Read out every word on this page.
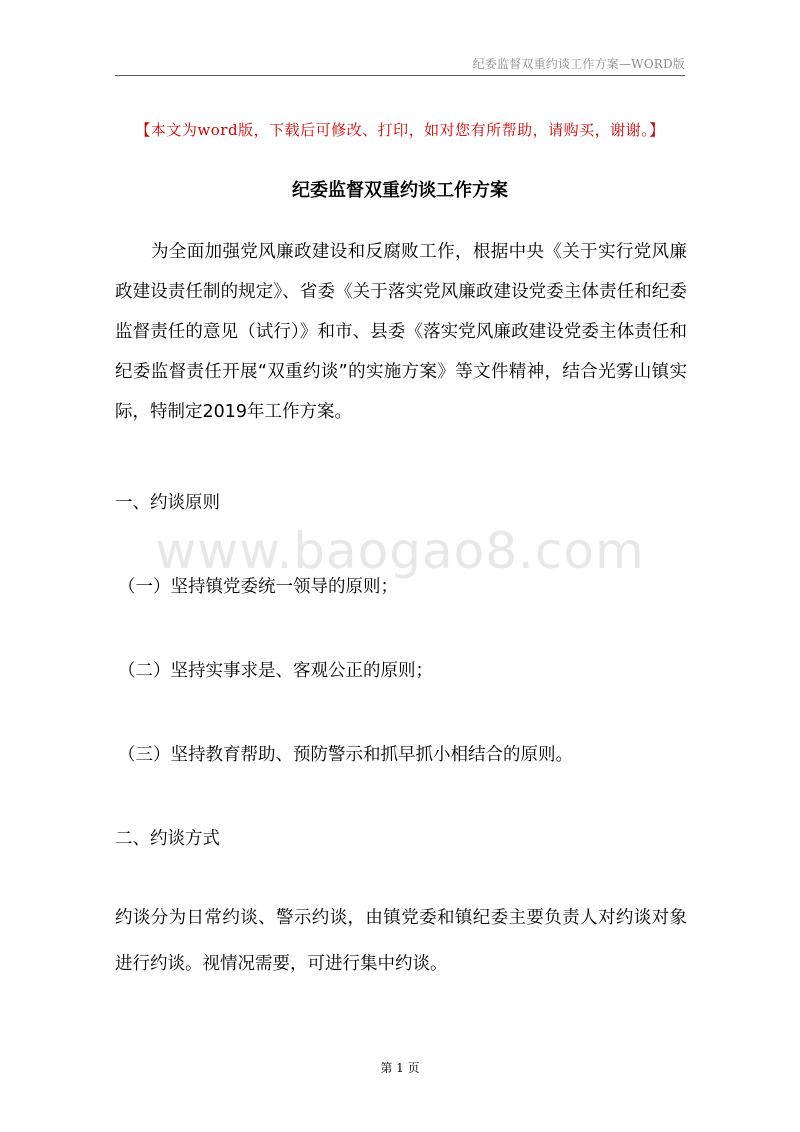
纪委监督双重约谈工作方案—WORD版
【本文为word版，下载后可修改、打印，如对您有所帮助，请购买，谢谢。】
纪委监督双重约谈工作方案

为全面加强党风廉政建设和反腐败工作，根据中央《关于实行党风廉政建设责任制的规定》、省委《关于落实党风廉政建设党委主体责任和纪委监督责任的意见（试行）》和市、县委《落实党风廉政建设党委主体责任和纪委监督责任开展“双重约谈”的实施方案》等文件精神，结合光雾山镇实际，特制定2019年工作方案。

一、约谈原则
www.baogao8.com
（一）坚持镇党委统一领导的原则；
（二）坚持实事求是、客观公正的原则；
（三）坚持教育帮助、预防警示和抓早抓小相结合的原则。
二、约谈方式

约谈分为日常约谈、警示约谈，由镇党委和镇纪委主要负责人对约谈对象进行约谈。视情况需要，可进行集中约谈。

第 1 页
